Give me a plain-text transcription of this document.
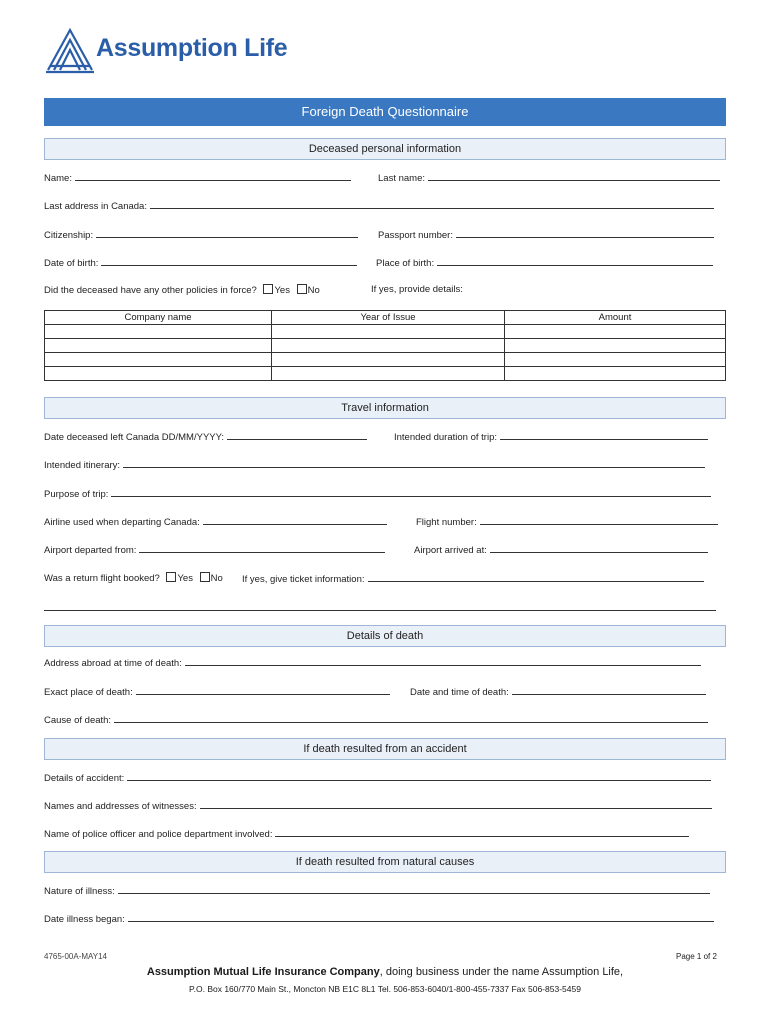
Assumption Life
Foreign Death Questionnaire
Deceased personal information
Name:	Last name:
Last address in Canada:
Citizenship:	Passport number:
Date of birth:	Place of birth:
Did the deceased have any other policies in force? Yes No	If yes, provide details:
Company name	Year of Issue	Amount

Travel information
Date deceased left Canada DD/MM/YYYY:	Intended duration of trip:
Intended itinerary:
Purpose of trip:
Airline used when departing Canada:	Flight number:
Airport departed from:	Airport arrived at:
Was a return flight booked? Yes No If yes, give ticket information:
Details of death
Address abroad at time of death:
Exact place of death:	Date and time of death:
Cause of death:
If death resulted from an accident
Details of accident:
Names and addresses of witnesses:
Name of police officer and police department involved:
If death resulted from natural causes
Nature of illness:
Date illness began:
4765-00A-MAY14	Page 1 of 2
Assumption Mutual Life Insurance Company, doing business under the name Assumption Life,
P.O. Box 160/770 Main St., Moncton NB E1C 8L1 Tel. 506-853-6040/1-800-455-7337 Fax 506-853-5459
